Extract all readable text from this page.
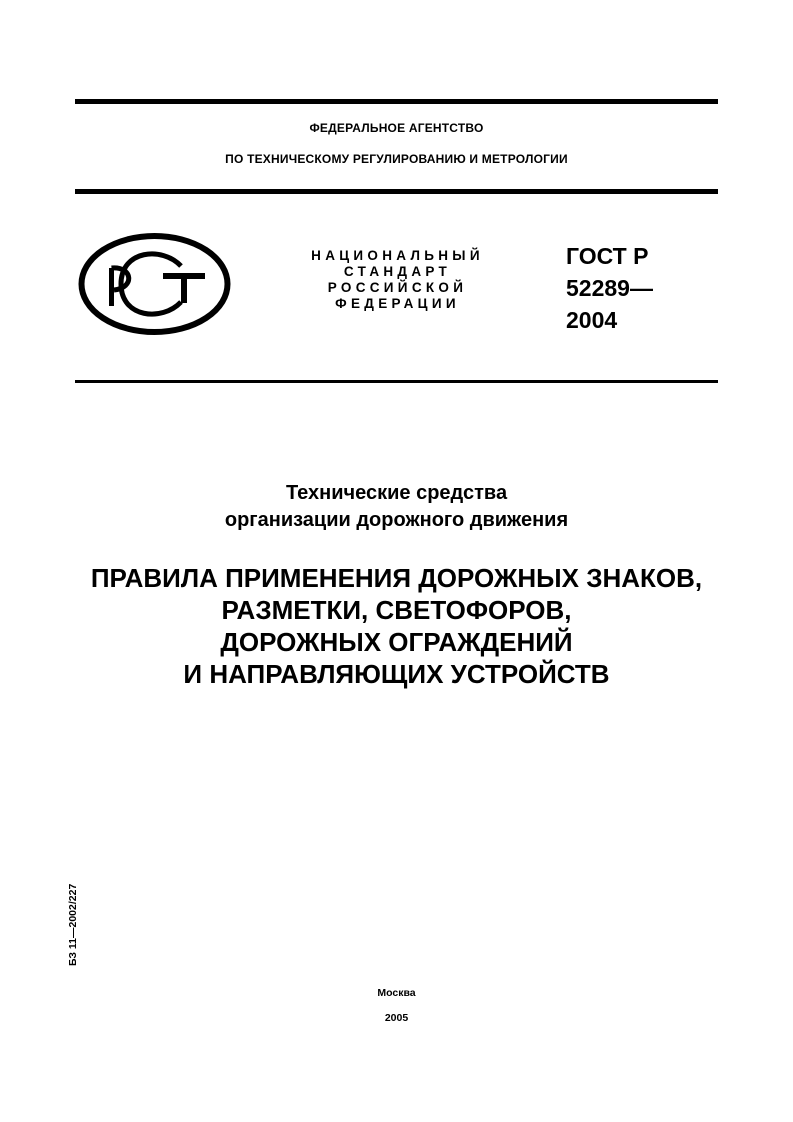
ФЕДЕРАЛЬНОЕ АГЕНТСТВО
ПО ТЕХНИЧЕСКОМУ РЕГУЛИРОВАНИЮ И МЕТРОЛОГИИ
НАЦИОНАЛЬНЫЙ
СТАНДАРТ
РОССИЙСКОЙ
ФЕДЕРАЦИИ
ГОСТ Р
52289—
2004
Технические средства
организации дорожного движения
ПРАВИЛА ПРИМЕНЕНИЯ ДОРОЖНЫХ ЗНАКОВ,
РАЗМЕТКИ, СВЕТОФОРОВ,
ДОРОЖНЫХ ОГРАЖДЕНИЙ
И НАПРАВЛЯЮЩИХ УСТРОЙСТВ
БЗ 11—2002/227
Москва
2005
